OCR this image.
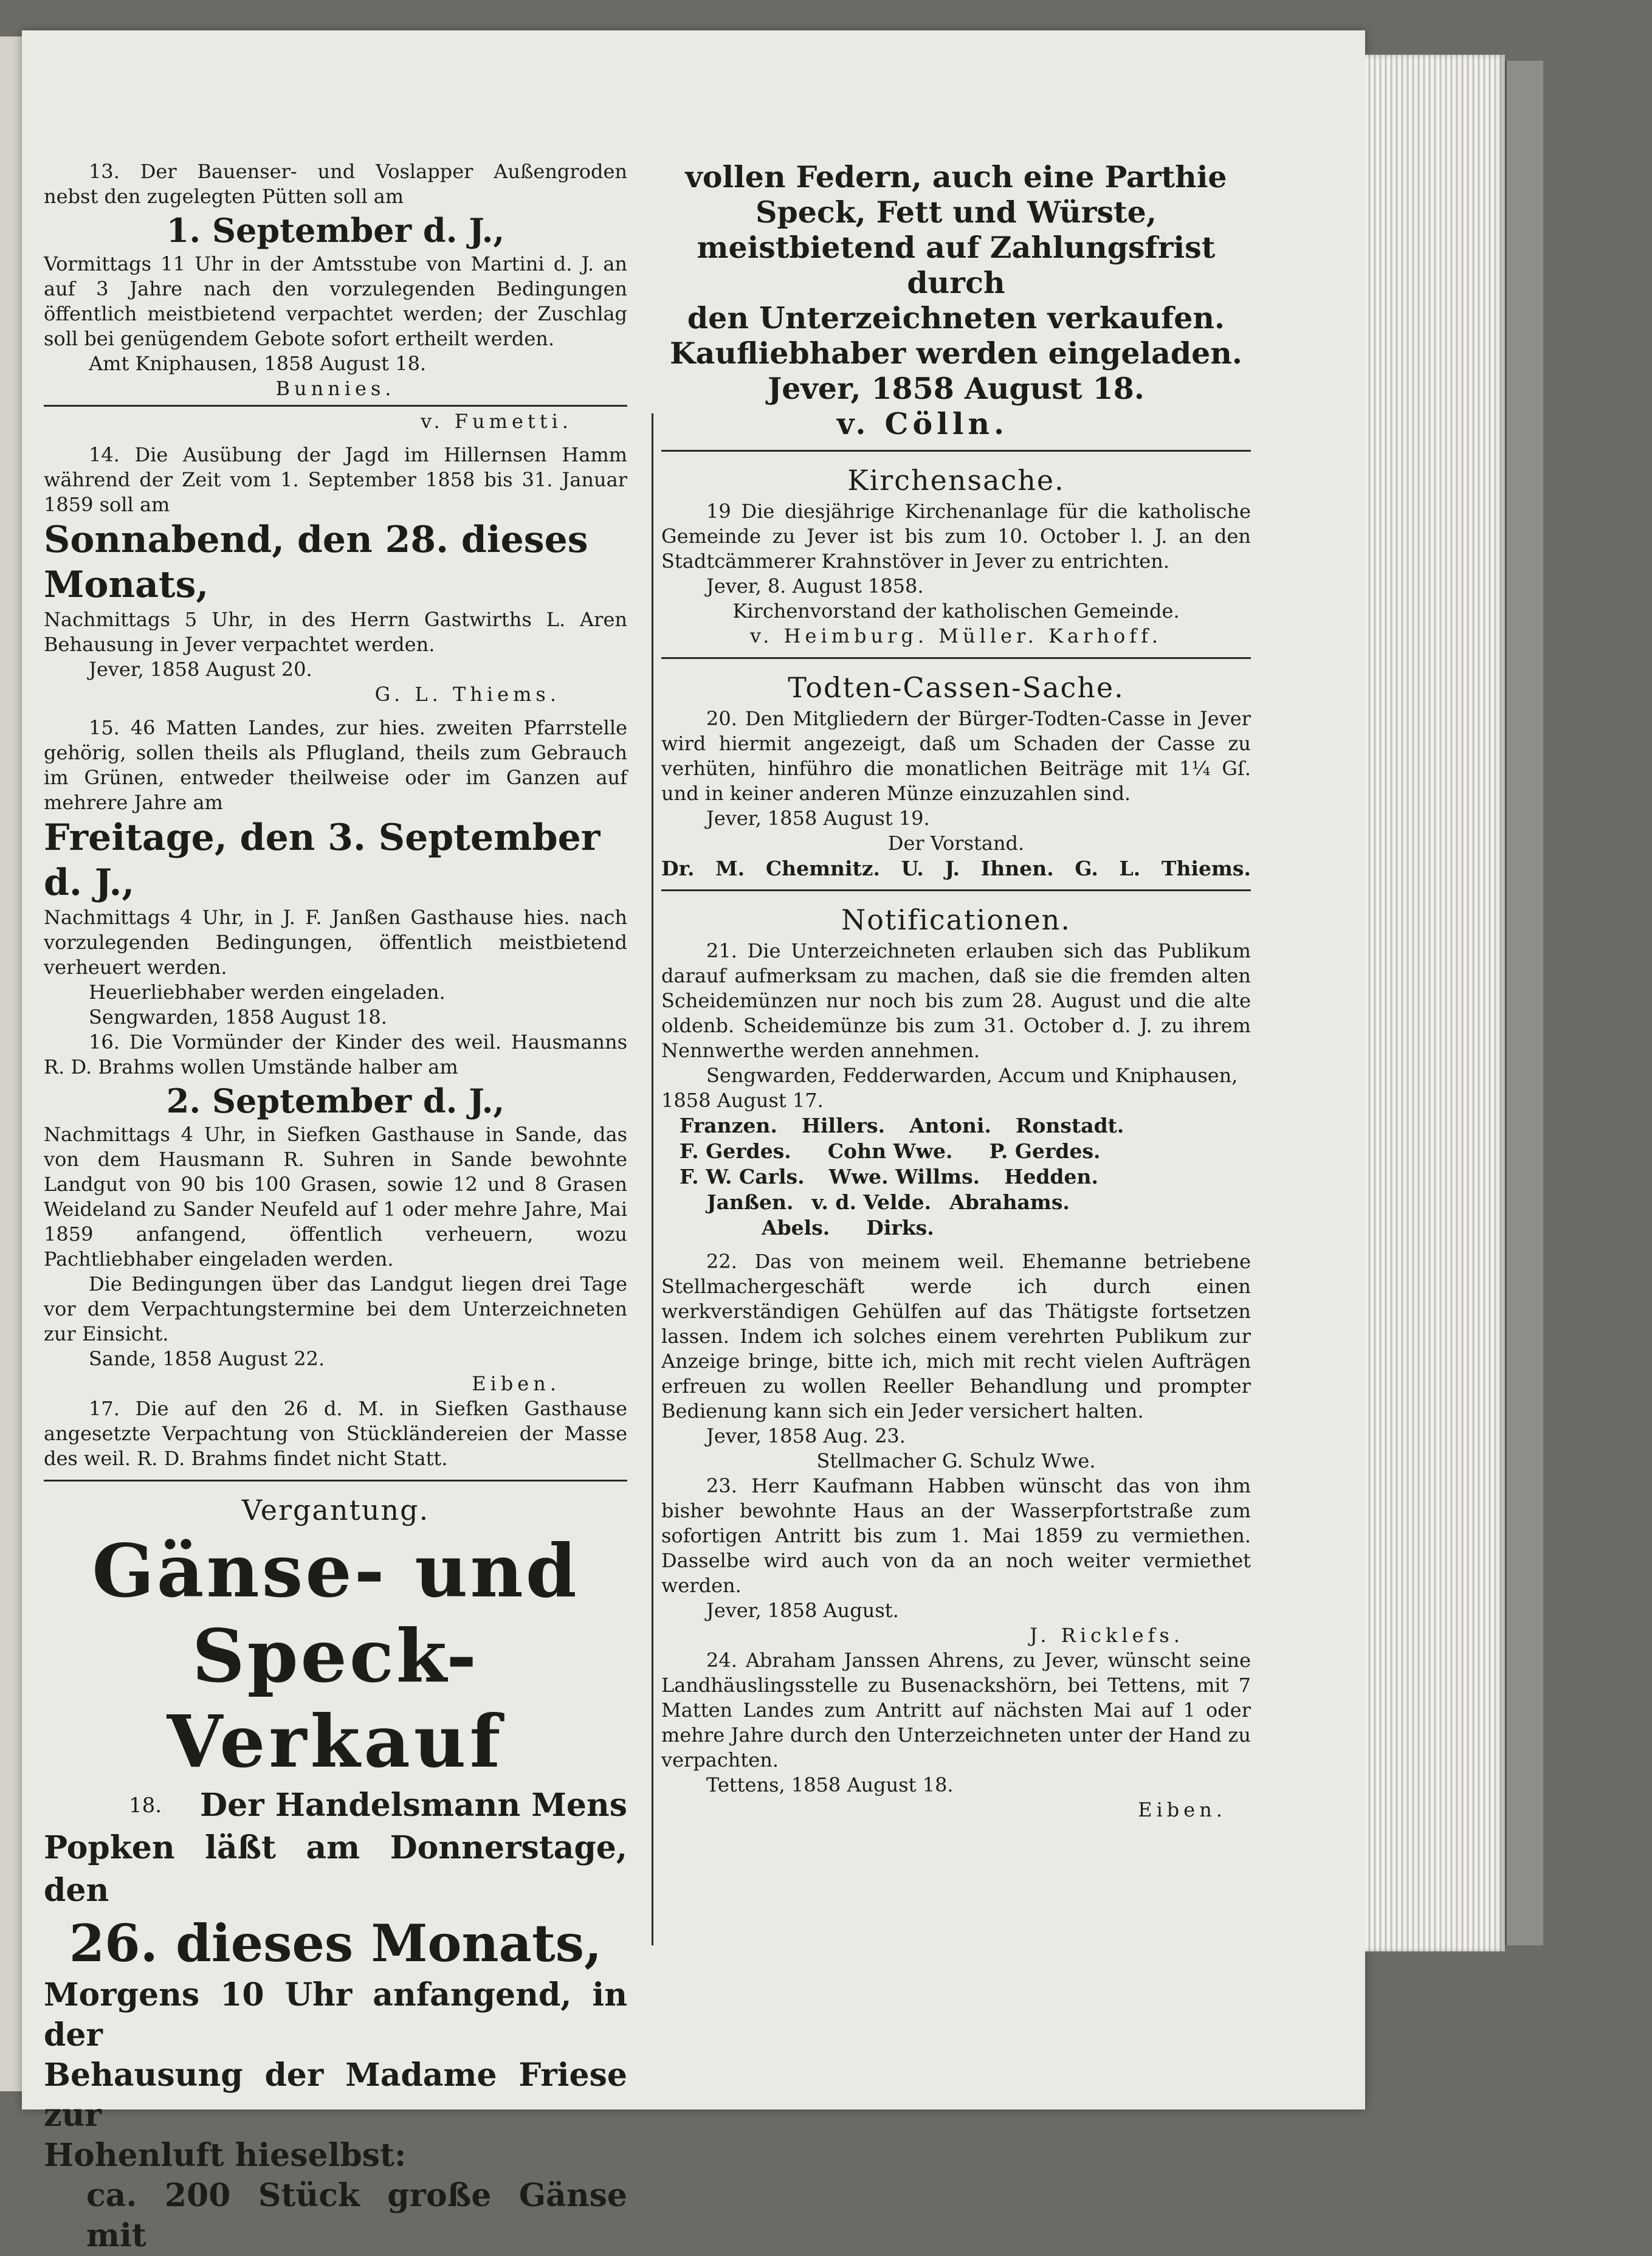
13. Der Bauenser- und Voslapper Außengroden

nebst den zugelegten Pütten soll am

1. September d. J.,

Vormittags 11 Uhr in der Amtsstube von Martini d. J. an auf 3 Jahre nach den vorzulegenden Bedingungen öffentlich meistbietend verpachtet werden; der Zuschlag soll bei genügendem Gebote sofort ertheilt werden.

Amt Kniphausen, 1858 August 18.

Bunnies.

v. Fumetti.

14. Die Ausübung der Jagd im Hillernsen Hamm während der Zeit vom 1. September 1858 bis 31. Januar 1859 soll am

Sonnabend, den 28. dieses Monats,

Nachmittags 5 Uhr, in des Herrn Gastwirths L. Aren Behausung in Jever verpachtet werden.

Jever, 1858 August 20.

G. L. Thiems.

15. 46 Matten Landes, zur hies. zweiten Pfarrstelle gehörig, sollen theils als Pflugland, theils zum Gebrauch im Grünen, entweder theilweise oder im Ganzen auf mehrere Jahre am

Freitage, den 3. September d. J.,

Nachmittags 4 Uhr, in J. F. Janßen Gasthause hies. nach vorzulegenden Bedingungen, öffentlich meistbietend verheuert werden.

Heuerliebhaber werden eingeladen.

Sengwarden, 1858 August 18.

16. Die Vormünder der Kinder des weil. Hausmanns R. D. Brahms wollen Umstände halber am

2. September d. J.,

Nachmittags 4 Uhr, in Siefken Gasthause in Sande, das von dem Hausmann R. Suhren in Sande bewohnte Landgut von 90 bis 100 Grasen, sowie 12 und 8 Grasen Weideland zu Sander Neufeld auf 1 oder mehre Jahre, Mai 1859 anfangend, öffentlich verheuern, wozu Pachtliebhaber eingeladen werden.

Die Bedingungen über das Landgut liegen drei Tage vor dem Verpachtungstermine bei dem Unterzeichneten zur Einsicht.

Sande, 1858 August 22.

Eiben.

17. Die auf den 26 d. M. in Siefken Gasthause angesetzte Verpachtung von Stückländereien der Masse des weil. R. D. Brahms findet nicht Statt.

Vergantung.

Gänse- und Speck-

Verkauf

18. Der Handelsmann Mens

Popken läßt am Donnerstage, den

26. dieses Monats,

Morgens 10 Uhr anfangend, in der

Behausung der Madame Friese zur

Hohenluft hieselbst:

ca. 200 Stück große Gänse mit

vollen Federn, auch eine Parthie

Speck, Fett und Würste,

meistbietend auf Zahlungsfrist durch

den Unterzeichneten verkaufen.

Kaufliebhaber werden eingeladen.

Jever, 1858 August 18.

v. Cölln.

Kirchensache.

19 Die diesjährige Kirchenanlage für die katholische Gemeinde zu Jever ist bis zum 10. October l. J. an den Stadtcämmerer Krahnstöver in Jever zu entrichten.

Jever, 8. August 1858.

Kirchenvorstand der katholischen Gemeinde.

v. Heimburg. Müller. Karhoff.

Todten-Cassen-Sache.

20. Den Mitgliedern der Bürger-Todten-Casse in Jever wird hiermit angezeigt, daß um Schaden der Casse zu verhüten, hinführo die monatlichen Beiträge mit 1¼ Gſ. und in keiner anderen Münze einzuzahlen sind.

Jever, 1858 August 19.

Der Vorstand.

Dr. M. Chemnitz. U. J. Ihnen. G. L. Thiems.

Notificationen.

21. Die Unterzeichneten erlauben sich das Publikum darauf aufmerksam zu machen, daß sie die fremden alten Scheidemünzen nur noch bis zum 28. August und die alte oldenb. Scheidemünze bis zum 31. October d. J. zu ihrem Nennwerthe werden annehmen.

Sengwarden, Fedderwarden, Accum und Kniphausen,

1858 August 17.

Franzen. Hillers. Antoni. Ronstadt.
F. Gerdes. Cohn Wwe. P. Gerdes.
F. W. Carls. Wwe. Willms. Hedden.
Janßen. v. d. Velde. Abrahams.
Abels. Dirks.

22. Das von meinem weil. Ehemanne betriebene Stellmachergeschäft werde ich durch einen werkverständigen Gehülfen auf das Thätigste fortsetzen lassen. Indem ich solches einem verehrten Publikum zur Anzeige bringe, bitte ich, mich mit recht vielen Aufträgen erfreuen zu wollen Reeller Behandlung und prompter Bedienung kann sich ein Jeder versichert halten.

Jever, 1858 Aug. 23.

Stellmacher G. Schulz Wwe.

23. Herr Kaufmann Habben wünscht das von ihm bisher bewohnte Haus an der Wasserpfortstraße zum sofortigen Antritt bis zum 1. Mai 1859 zu vermiethen. Dasselbe wird auch von da an noch weiter vermiethet werden.

Jever, 1858 August.

J. Ricklefs.

24. Abraham Janssen Ahrens, zu Jever, wünscht seine Landhäuslingsstelle zu Busenackshörn, bei Tettens, mit 7 Matten Landes zum Antritt auf nächsten Mai auf 1 oder mehre Jahre durch den Unterzeichneten unter der Hand zu verpachten.

Tettens, 1858 August 18.

Eiben.
